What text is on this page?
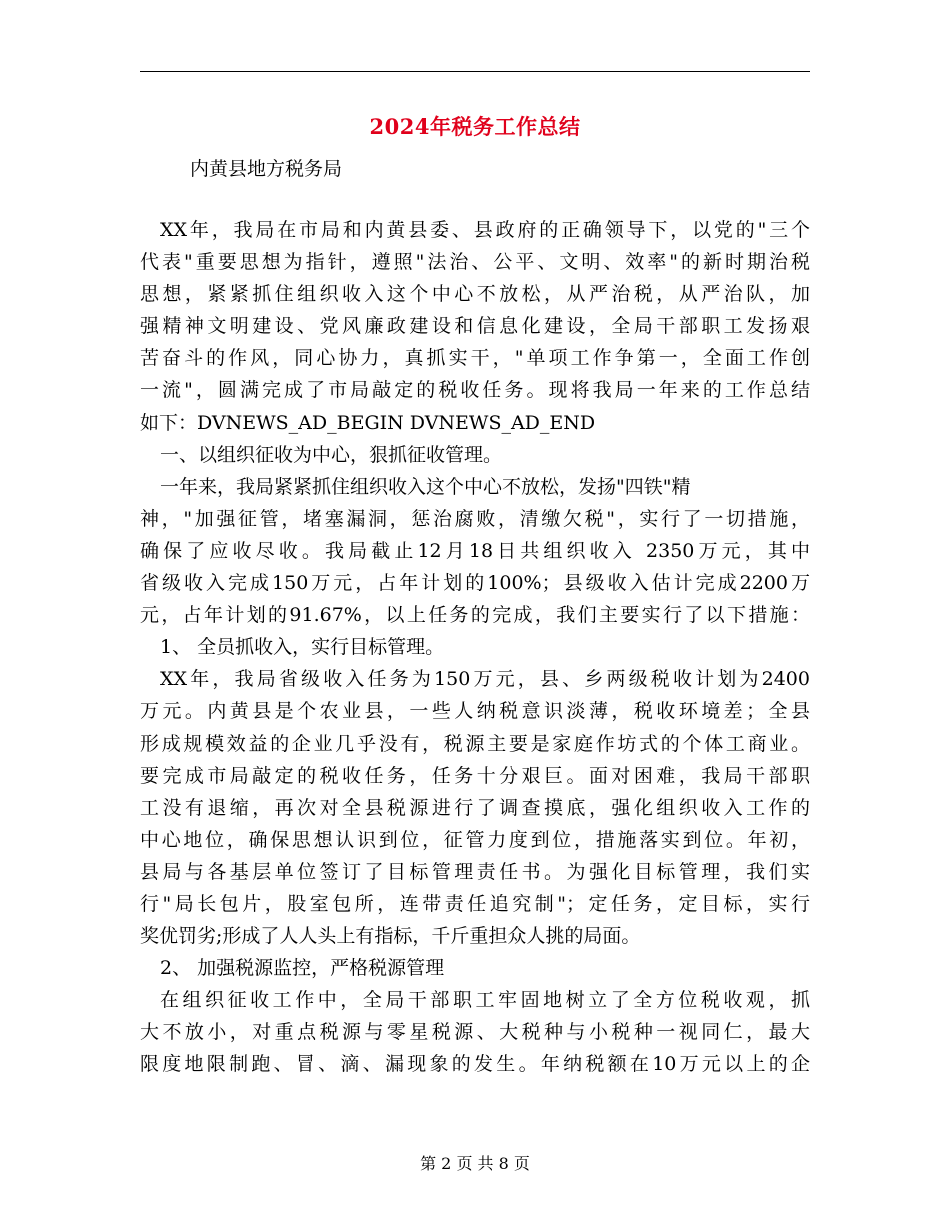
2024年税务工作总结
内黄县地方税务局
XX年，我局在市局和内黄县委、县政府的正确领导下，以党的"三个
代表"重要思想为指针，遵照"法治、公平、文明、效率"的新时期治税
思想，紧紧抓住组织收入这个中心不放松，从严治税，从严治队，加
强精神文明建设、党风廉政建设和信息化建设，全局干部职工发扬艰
苦奋斗的作风，同心协力，真抓实干，"单项工作争第一，全面工作创
一流"，圆满完成了市局敲定的税收任务。现将我局一年来的工作总结
如下：DVNEWS_AD_BEGIN DVNEWS_AD_END
一、以组织征收为中心，狠抓征收管理。
一年来，我局紧紧抓住组织收入这个中心不放松，发扬"四铁"精
神，"加强征管，堵塞漏洞，惩治腐败，清缴欠税"，实行了一切措施，
确保了应收尽收。我局截止12月18日共组织收入 2350万元，其中
省级收入完成150万元，占年计划的100%；县级收入估计完成2200万
元，占年计划的91.67%，以上任务的完成，我们主要实行了以下措施：
1、 全员抓收入，实行目标管理。
XX年，我局省级收入任务为150万元，县、乡两级税收计划为2400
万元。内黄县是个农业县，一些人纳税意识淡薄，税收环境差；全县
形成规模效益的企业几乎没有，税源主要是家庭作坊式的个体工商业。
要完成市局敲定的税收任务，任务十分艰巨。面对困难，我局干部职
工没有退缩，再次对全县税源进行了调查摸底，强化组织收入工作的
中心地位，确保思想认识到位，征管力度到位，措施落实到位。年初，
县局与各基层单位签订了目标管理责任书。为强化目标管理，我们实
行"局长包片，股室包所，连带责任追究制"；定任务，定目标，实行
奖优罚劣;形成了人人头上有指标，千斤重担众人挑的局面。
2、 加强税源监控，严格税源管理
在组织征收工作中，全局干部职工牢固地树立了全方位税收观，抓
大不放小，对重点税源与零星税源、大税种与小税种一视同仁，最大
限度地限制跑、冒、滴、漏现象的发生。年纳税额在10万元以上的企
第 2 页 共 8 页
